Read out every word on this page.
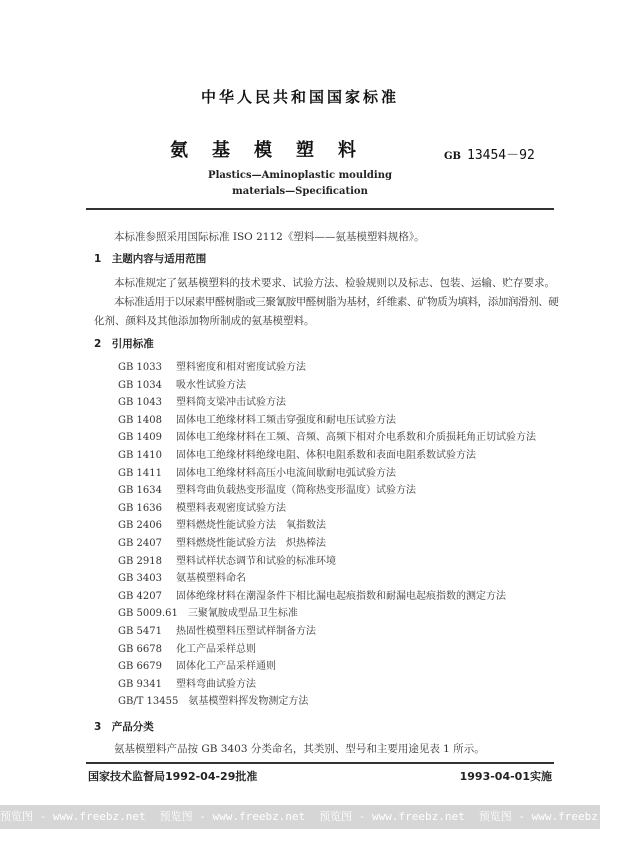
中华人民共和国国家标准
氨 基 模 塑 料	GB 13454－92
Plastics—Aminoplastic moulding
materials—Specification
本标准参照采用国际标准 ISO 2112《塑料——氨基模塑料规格》。
1　主题内容与适用范围
本标准规定了氨基模塑料的技术要求、试验方法、检验规则以及标志、包装、运输、贮存要求。
本标准适用于以尿素甲醛树脂或三聚氰胺甲醛树脂为基材，纤维素、矿物质为填料，添加润滑剂、硬
化剂、颜料及其他添加物所制成的氨基模塑料。
2　引用标准
GB 1033 塑料密度和相对密度试验方法
GB 1034 吸水性试验方法
GB 1043 塑料简支梁冲击试验方法
GB 1408 固体电工绝缘材料工频击穿强度和耐电压试验方法
GB 1409 固体电工绝缘材料在工频、音频、高频下相对介电系数和介质损耗角正切试验方法
GB 1410 固体电工绝缘材料绝缘电阻、体积电阻系数和表面电阻系数试验方法
GB 1411 固体电工绝缘材料高压小电流间歇耐电弧试验方法
GB 1634 塑料弯曲负载热变形温度（简称热变形温度）试验方法
GB 1636 模塑料表观密度试验方法
GB 2406 塑料燃烧性能试验方法　氧指数法
GB 2407 塑料燃烧性能试验方法　炽热棒法
GB 2918 塑料试样状态调节和试验的标准环境
GB 3403 氨基模塑料命名
GB 4207 固体绝缘材料在潮湿条件下相比漏电起痕指数和耐漏电起痕指数的测定方法
GB 5009.61 三聚氰胺成型品卫生标准
GB 5471 热固性模塑料压塑试样制备方法
GB 6678 化工产品采样总则
GB 6679 固体化工产品采样通则
GB 9341 塑料弯曲试验方法
GB/T 13455 氨基模塑料挥发物测定方法
3　产品分类
氨基模塑料产品按 GB 3403 分类命名，其类别、型号和主要用途见表 1 所示。
国家技术监督局1992-04-29批准	1993-04-01实施
预览图 - www.freebz.net 预览图 - www.freebz.net 预览图 - www.freebz.net 预览图 - www.freebz.net
